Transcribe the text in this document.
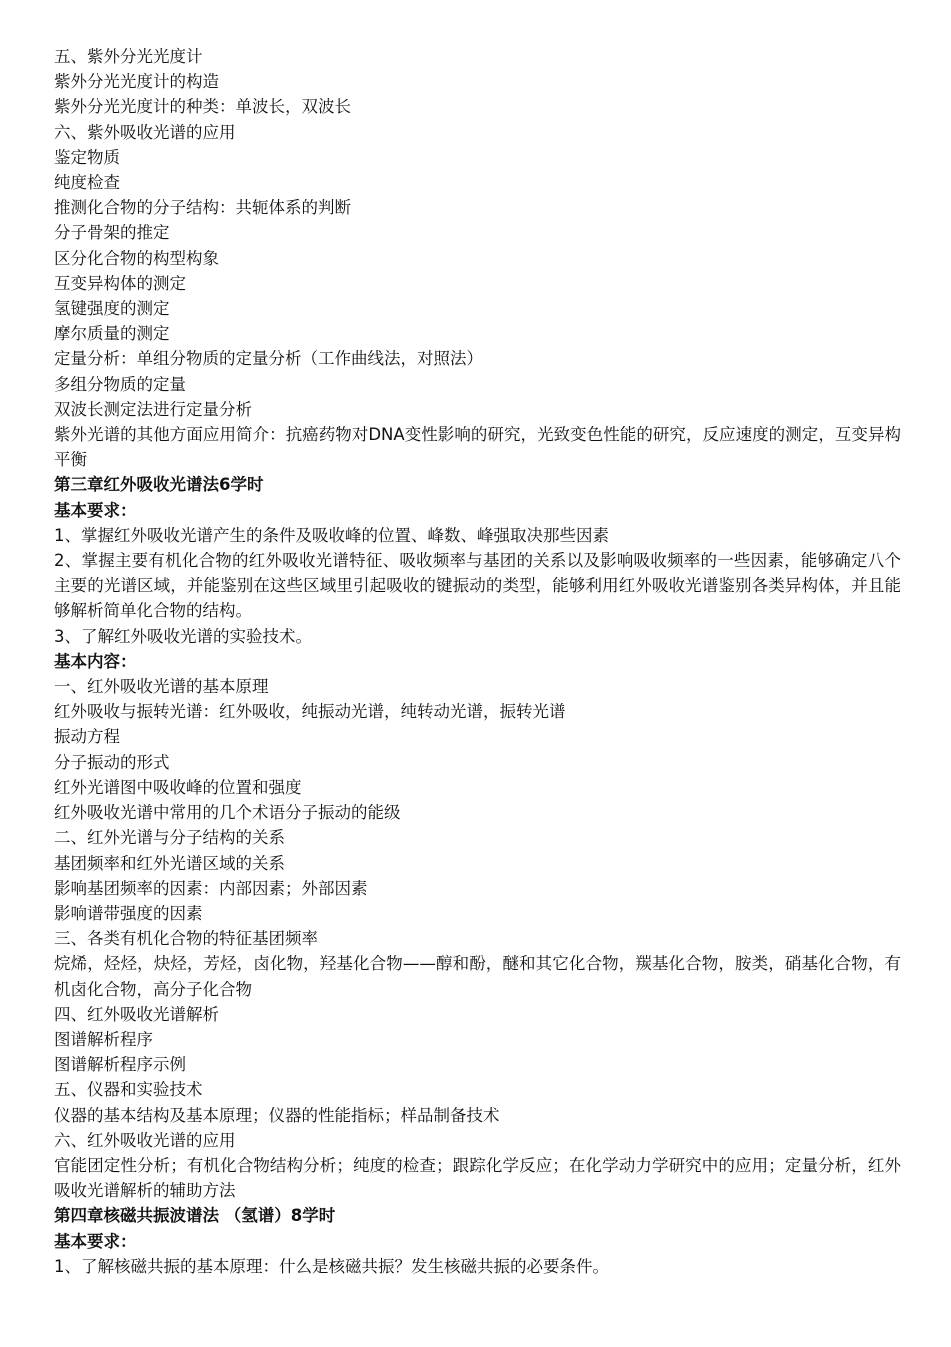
五、紫外分光光度计
紫外分光光度计的构造
紫外分光光度计的种类：单波长，双波长
六、紫外吸收光谱的应用
鉴定物质
纯度检查
推测化合物的分子结构：共轭体系的判断
分子骨架的推定
区分化合物的构型构象
互变异构体的测定
氢键强度的测定
摩尔质量的测定
定量分析：单组分物质的定量分析（工作曲线法，对照法）
多组分物质的定量
双波长测定法进行定量分析
紫外光谱的其他方面应用简介：抗癌药物对DNA变性影响的研究，光致变色性能的研究，反应速度的测定，互变异构平衡
第三章红外吸收光谱法6学时
基本要求：
1、掌握红外吸收光谱产生的条件及吸收峰的位置、峰数、峰强取决那些因素
2、掌握主要有机化合物的红外吸收光谱特征、吸收频率与基团的关系以及影响吸收频率的一些因素，能够确定八个主要的光谱区域，并能鉴别在这些区域里引起吸收的键振动的类型，能够利用红外吸收光谱鉴别各类异构体，并且能够解析简单化合物的结构。
3、了解红外吸收光谱的实验技术。
基本内容：
一、红外吸收光谱的基本原理
红外吸收与振转光谱：红外吸收，纯振动光谱，纯转动光谱，振转光谱
振动方程
分子振动的形式
红外光谱图中吸收峰的位置和强度
红外吸收光谱中常用的几个术语分子振动的能级
二、红外光谱与分子结构的关系
基团频率和红外光谱区域的关系
影响基团频率的因素：内部因素；外部因素
影响谱带强度的因素
三、各类有机化合物的特征基团频率
烷烯，烃烃，炔烃，芳烃，卤化物，羟基化合物——醇和酚，醚和其它化合物，羰基化合物，胺类，硝基化合物，有机卤化合物，高分子化合物
四、红外吸收光谱解析
图谱解析程序
图谱解析程序示例
五、仪器和实验技术
仪器的基本结构及基本原理；仪器的性能指标；样品制备技术
六、红外吸收光谱的应用
官能团定性分析；有机化合物结构分析；纯度的检查；跟踪化学反应；在化学动力学研究中的应用；定量分析，红外吸收光谱解析的辅助方法
第四章核磁共振波谱法 （氢谱）8学时
基本要求：
1、了解核磁共振的基本原理：什么是核磁共振？发生核磁共振的必要条件。
